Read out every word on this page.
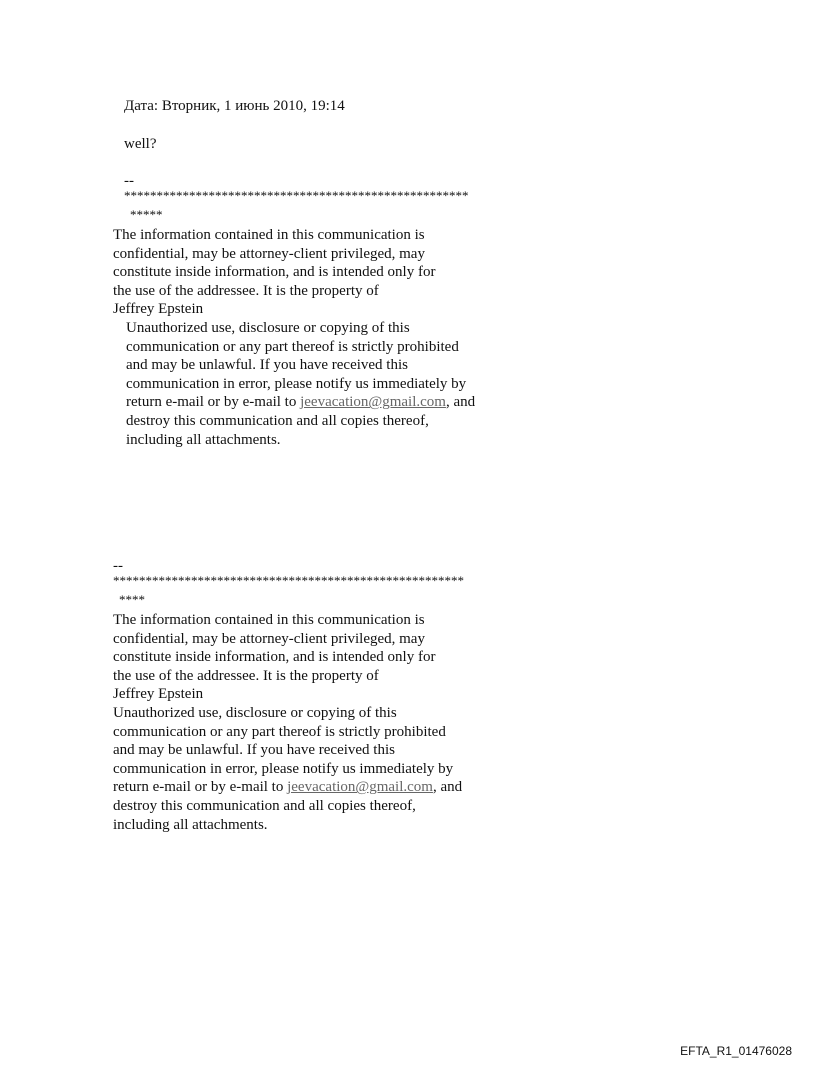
Дата: Вторник, 1 июнь 2010, 19:14
well?
--
*****************************************************
*****
The information contained in this communication is
confidential, may be attorney-client privileged, may
constitute inside information, and is intended only for
the use of the addressee. It is the property of
Jeffrey Epstein
Unauthorized use, disclosure or copying of this
communication or any part thereof is strictly prohibited
and may be unlawful. If you have received this
communication in error, please notify us immediately by
return e-mail or by e-mail to jeevacation@gmail.com, and
destroy this communication and all copies thereof,
including all attachments.
--
******************************************************
****
The information contained in this communication is
confidential, may be attorney-client privileged, may
constitute inside information, and is intended only for
the use of the addressee. It is the property of
Jeffrey Epstein
Unauthorized use, disclosure or copying of this
communication or any part thereof is strictly prohibited
and may be unlawful. If you have received this
communication in error, please notify us immediately by
return e-mail or by e-mail to jeevacation@gmail.com, and
destroy this communication and all copies thereof,
including all attachments.
EFTA_R1_01476028
